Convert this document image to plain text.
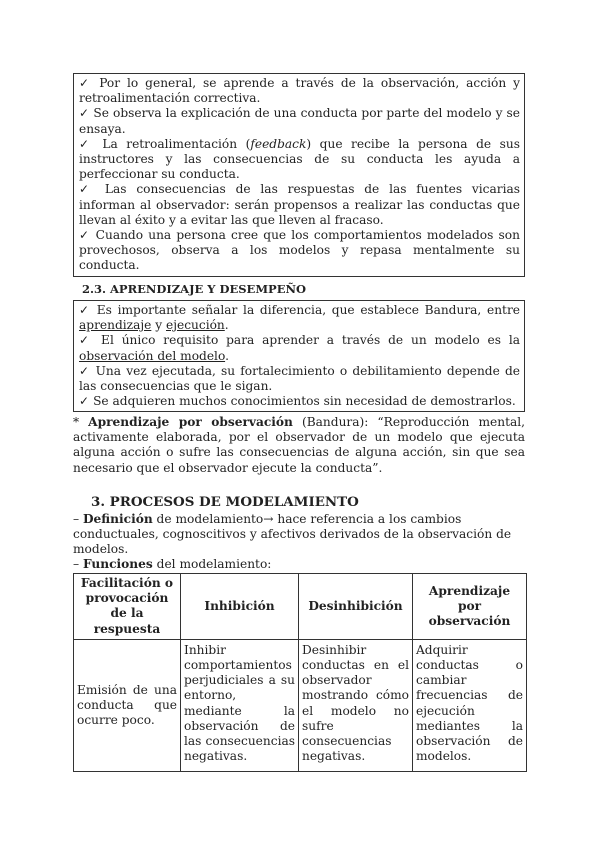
✓ Por lo general, se aprende a través de la observación, acción y retroalimentación correctiva.

✓ Se observa la explicación de una conducta por parte del modelo y se ensaya.

✓ La retroalimentación (feedback) que recibe la persona de sus instructores y las consecuencias de su conducta les ayuda a perfeccionar su conducta.

✓ Las consecuencias de las respuestas de las fuentes vicarias informan al observador: serán propensos a realizar las conductas que llevan al éxito y a evitar las que lleven al fracaso.

✓ Cuando una persona cree que los comportamientos modelados son provechosos, observa a los modelos y repasa mentalmente su conducta.

2.3. APRENDIZAJE Y DESEMPEÑO

✓ Es importante señalar la diferencia, que establece Bandura, entre aprendizaje y ejecución.

✓ El único requisito para aprender a través de un modelo es la observación del modelo.

✓ Una vez ejecutada, su fortalecimiento o debilitamiento depende de las consecuencias que le sigan.

✓ Se adquieren muchos conocimientos sin necesidad de demostrarlos.

* Aprendizaje por observación (Bandura): “Reproducción mental, activamente elaborada, por el observador de un modelo que ejecuta alguna acción o sufre las consecuencias de alguna acción, sin que sea necesario que el observador ejecute la conducta”.

3. PROCESOS DE MODELAMIENTO

– Definición de modelamiento→ hace referencia a los cambios conductuales, cognoscitivos y afectivos derivados de la observación de modelos.

– Funciones del modelamiento:

Facilitación o provocación de la respuesta	Inhibición	Desinhibición	Aprendizaje por observación
Emisión de una conducta que ocurre poco.	Inhibir comportamientos perjudiciales a su entorno, mediante la observación de las consecuencias negativas.	Desinhibir conductas en el observador mostrando cómo el modelo no sufre consecuencias negativas.	Adquirir conductas o cambiar frecuencias de ejecución mediantes la observación de modelos.
